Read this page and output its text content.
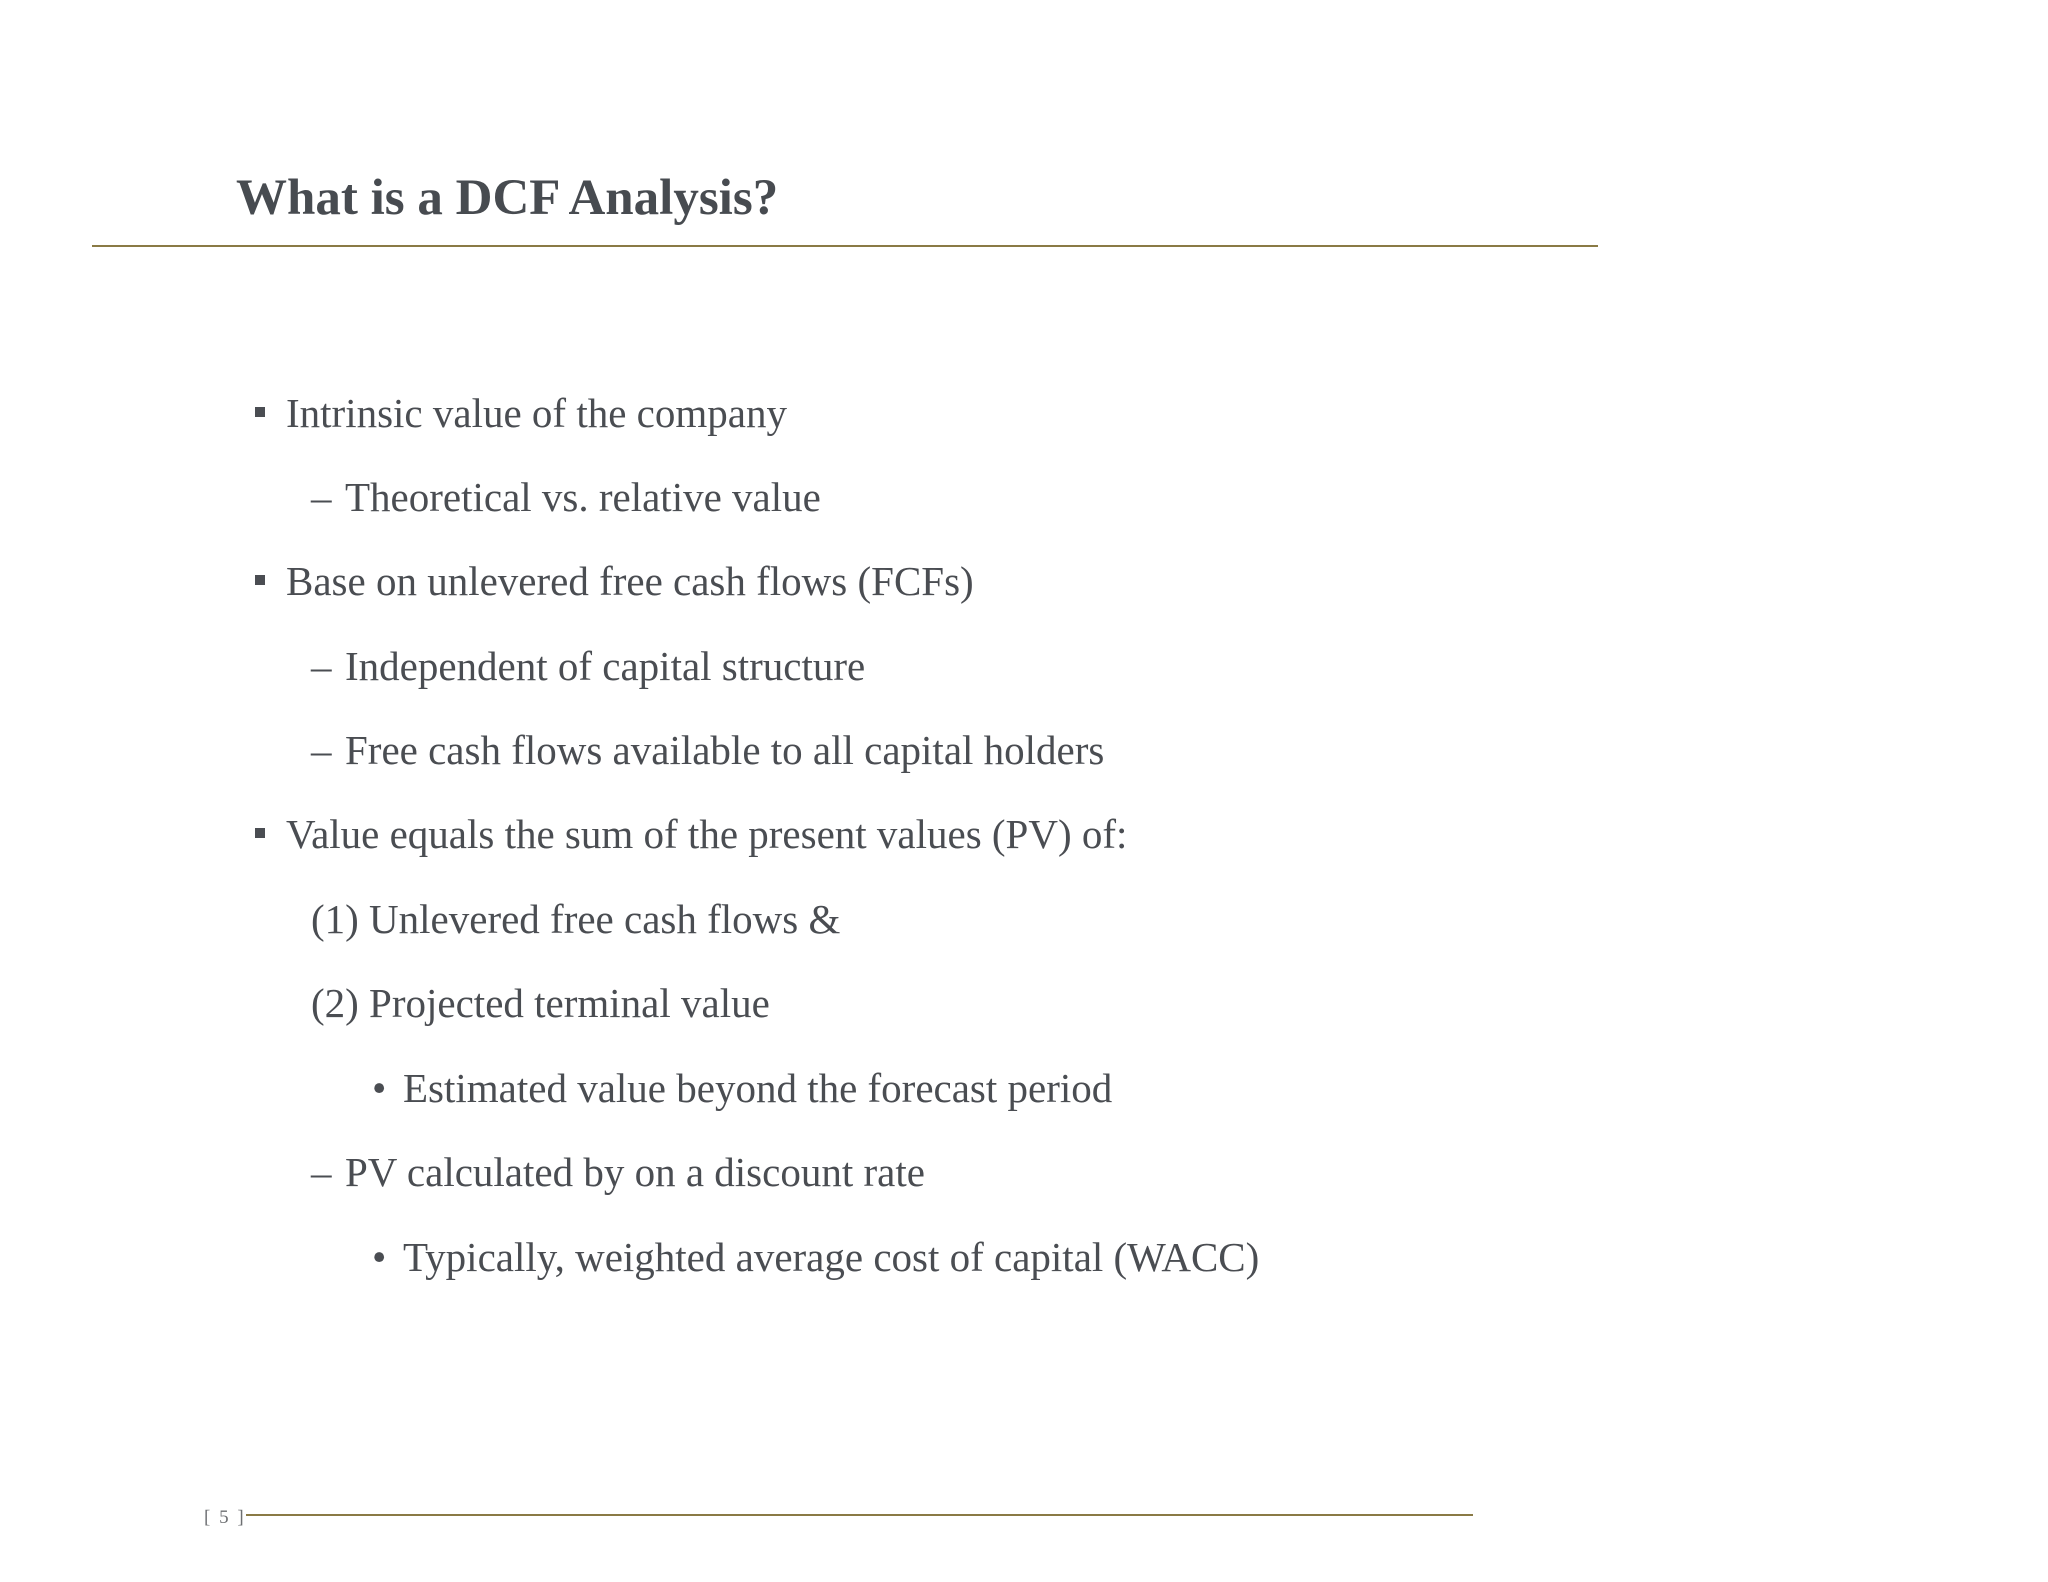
What is a DCF Analysis?
Intrinsic value of the company
– Theoretical vs. relative value
Base on unlevered free cash flows (FCFs)
– Independent of capital structure
– Free cash flows available to all capital holders
Value equals the sum of the present values (PV) of:
(1) Unlevered free cash flows &
(2) Projected terminal value
• Estimated value beyond the forecast period
– PV calculated by on a discount rate
• Typically, weighted average cost of capital (WACC)
[ 5 ]
